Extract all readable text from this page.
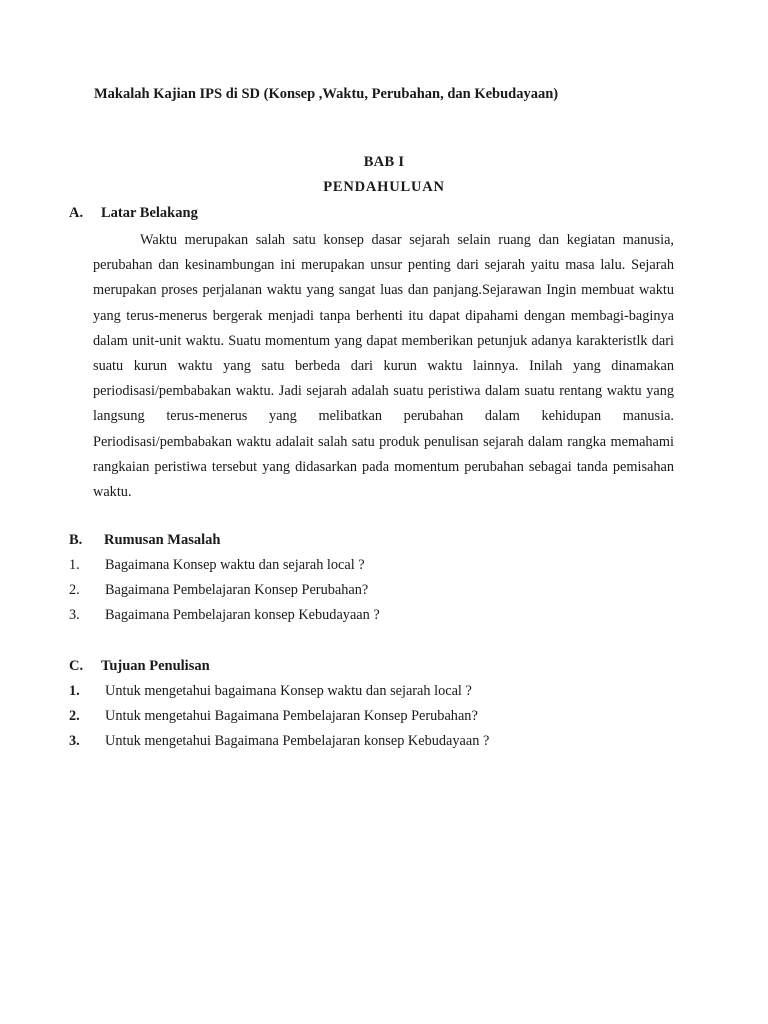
Makalah Kajian IPS di SD (Konsep ,Waktu, Perubahan, dan Kebudayaan)
BAB I
PENDAHULUAN
A. Latar Belakang

Waktu merupakan salah satu konsep dasar sejarah selain ruang dan kegiatan manusia, perubahan dan kesinambungan ini merupakan unsur penting dari sejarah yaitu masa lalu. Sejarah merupakan proses perjalanan waktu yang sangat luas dan panjang.Sejarawan Ingin membuat waktu yang terus-menerus bergerak menjadi tanpa berhenti itu dapat dipahami dengan membagi-baginya dalam unit-unit waktu. Suatu momentum yang dapat memberikan petunjuk adanya karakteristlk dari suatu kurun waktu yang satu berbeda dari kurun waktu lainnya. Inilah yang dinamakan periodisasi/pembabakan waktu. Jadi sejarah adalah suatu peristiwa dalam suatu rentang waktu yang langsung terus-menerus yang melibatkan perubahan dalam kehidupan manusia. Periodisasi/pembabakan waktu adalait salah satu produk penulisan sejarah dalam rangka memahami rangkaian peristiwa tersebut yang didasarkan pada momentum perubahan sebagai tanda pemisahan waktu.

B. Rumusan Masalah
1. Bagaimana Konsep waktu dan sejarah local ?
2. Bagaimana Pembelajaran Konsep Perubahan?
3. Bagaimana Pembelajaran konsep Kebudayaan ?
C. Tujuan Penulisan
1. Untuk mengetahui bagaimana Konsep waktu dan sejarah local ?
2. Untuk mengetahui Bagaimana Pembelajaran Konsep Perubahan?
3. Untuk mengetahui Bagaimana Pembelajaran konsep Kebudayaan ?
